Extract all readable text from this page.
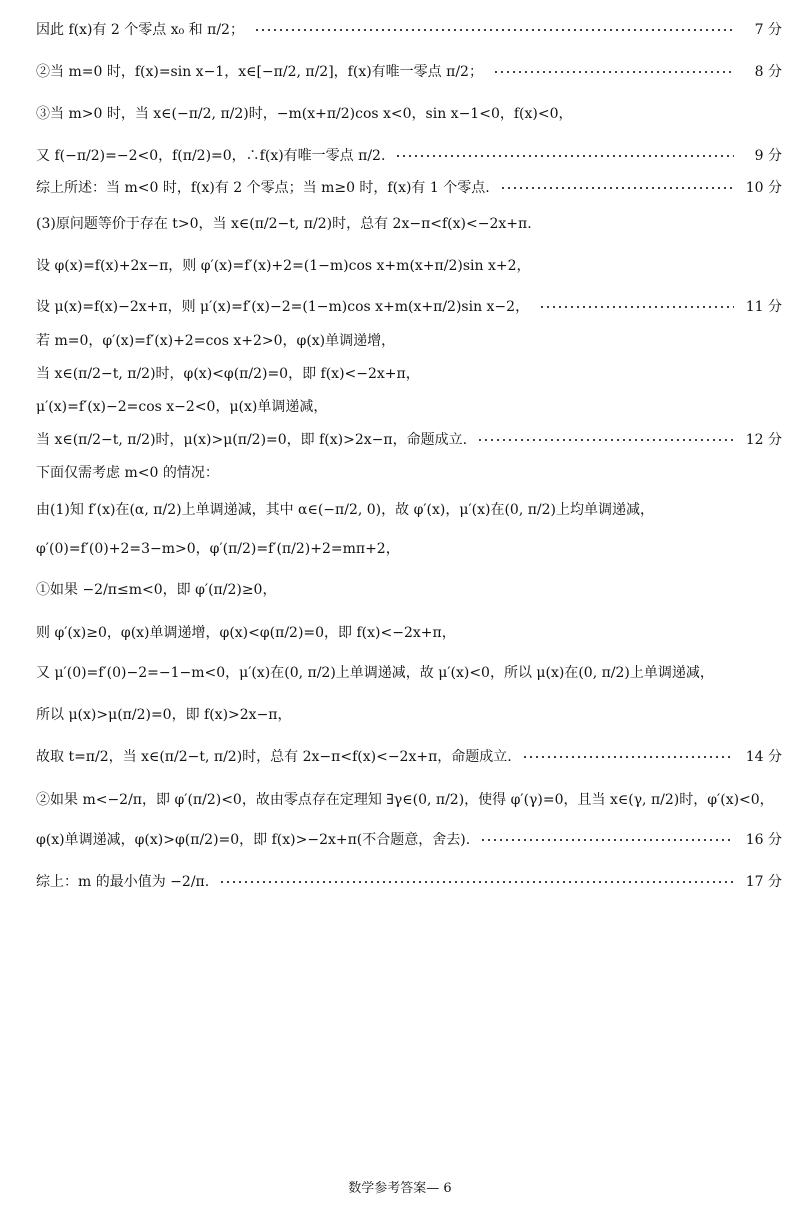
因此 f(x)有 2 个零点 x₀ 和 π/2；	7 分
②当 m=0 时，f(x)=sin x−1，x∈[−π/2, π/2]，f(x)有唯一零点 π/2；	8 分
③当 m>0 时，当 x∈(−π/2, π/2)时，−m(x+π/2)cos x<0，sin x−1<0，f(x)<0，
又 f(−π/2)=−2<0，f(π/2)=0，∴f(x)有唯一零点 π/2.	9 分
综上所述：当 m<0 时，f(x)有 2 个零点；当 m≥0 时，f(x)有 1 个零点.	10 分
(3)原问题等价于存在 t>0，当 x∈(π/2−t, π/2)时，总有 2x−π<f(x)<−2x+π.
设 φ(x)=f(x)+2x−π，则 φ′(x)=f′(x)+2=(1−m)cos x+m(x+π/2)sin x+2，
设 μ(x)=f(x)−2x+π，则 μ′(x)=f′(x)−2=(1−m)cos x+m(x+π/2)sin x−2，	11 分
若 m=0，φ′(x)=f′(x)+2=cos x+2>0，φ(x)单调递增，
当 x∈(π/2−t, π/2)时，φ(x)<φ(π/2)=0，即 f(x)<−2x+π，
μ′(x)=f′(x)−2=cos x−2<0，μ(x)单调递减，
当 x∈(π/2−t, π/2)时，μ(x)>μ(π/2)=0，即 f(x)>2x−π，命题成立.	12 分
下面仅需考虑 m<0 的情况：
由(1)知 f′(x)在(α, π/2)上单调递减，其中 α∈(−π/2, 0)，故 φ′(x)，μ′(x)在(0, π/2)上均单调递减，
φ′(0)=f′(0)+2=3−m>0，φ′(π/2)=f′(π/2)+2=mπ+2，
①如果 −2/π≤m<0，即 φ′(π/2)≥0，
则 φ′(x)≥0，φ(x)单调递增，φ(x)<φ(π/2)=0，即 f(x)<−2x+π，
又 μ′(0)=f′(0)−2=−1−m<0，μ′(x)在(0, π/2)上单调递减，故 μ′(x)<0，所以 μ(x)在(0, π/2)上单调递减，
所以 μ(x)>μ(π/2)=0，即 f(x)>2x−π，
故取 t=π/2，当 x∈(π/2−t, π/2)时，总有 2x−π<f(x)<−2x+π，命题成立.	14 分
②如果 m<−2/π，即 φ′(π/2)<0，故由零点存在定理知 ∃γ∈(0, π/2)，使得 φ′(γ)=0，且当 x∈(γ, π/2)时，φ′(x)<0，
φ(x)单调递减，φ(x)>φ(π/2)=0，即 f(x)>−2x+π(不合题意，舍去).	16 分
综上：m 的最小值为 −2/π.	17 分
数学参考答案— 6
